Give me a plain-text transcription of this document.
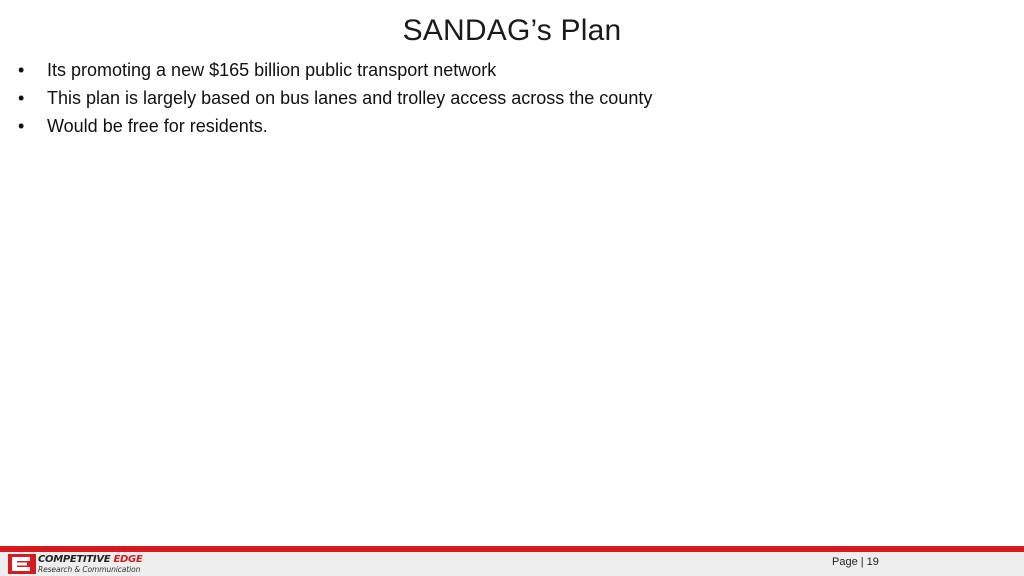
SANDAG’s Plan
• Its promoting a new $165 billion public transport network
• This plan is largely based on bus lanes and trolley access across the county
• Would be free for residents.
COMPETITIVE EDGE
Research & Communication
Page | 19
